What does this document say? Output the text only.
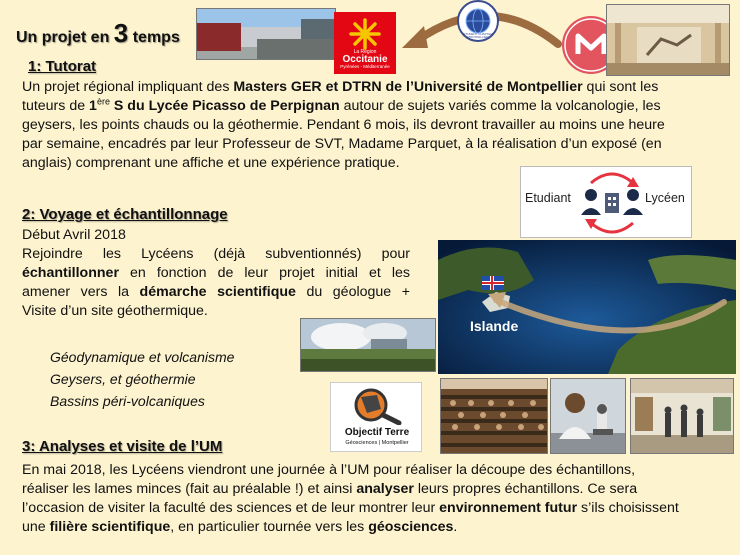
Un projet en 3 temps
La Région
Occitanie
Pyrénées - Méditerranée
STUDENT CHAPTER MONTPELLIER
1: Tutorat
Un projet régional impliquant des Masters GER et DTRN de l’Université de Montpellier qui sont les
tuteurs de 1ère S du Lycée Picasso de Perpignan autour de sujets variés comme la volcanologie, les
geysers, les points chauds ou la géothermie. Pendant 6 mois, ils devront travailler au moins une heure
par semaine, encadrés par leur Professeur de SVT, Madame Parquet, à la réalisation d’un exposé (en
anglais) comprenant une affiche et une expérience pratique.
Etudiant	Lycéen
2: Voyage et échantillonnage
Début Avril 2018
Rejoindre les Lycéens (déjà subventionnés) pour
échantillonner en fonction de leur projet initial et les
amener vers la démarche scientifique du géologue +
Visite d’un site géothermique.
Islande
Géodynamique et volcanisme
Geysers, et géothermie
Bassins péri-volcaniques
Objectif Terre
Géosciences | Montpellier
3: Analyses et visite de l’UM
En mai 2018, les Lycéens viendront une journée à l’UM pour réaliser la découpe des échantillons,
réaliser les lames minces (fait au préalable !) et ainsi analyser leurs propres échantillons. Ce sera
l’occasion de visiter la faculté des sciences et de leur montrer leur environnement futur s’ils choisissent
une filière scientifique, en particulier tournée vers les géosciences.
